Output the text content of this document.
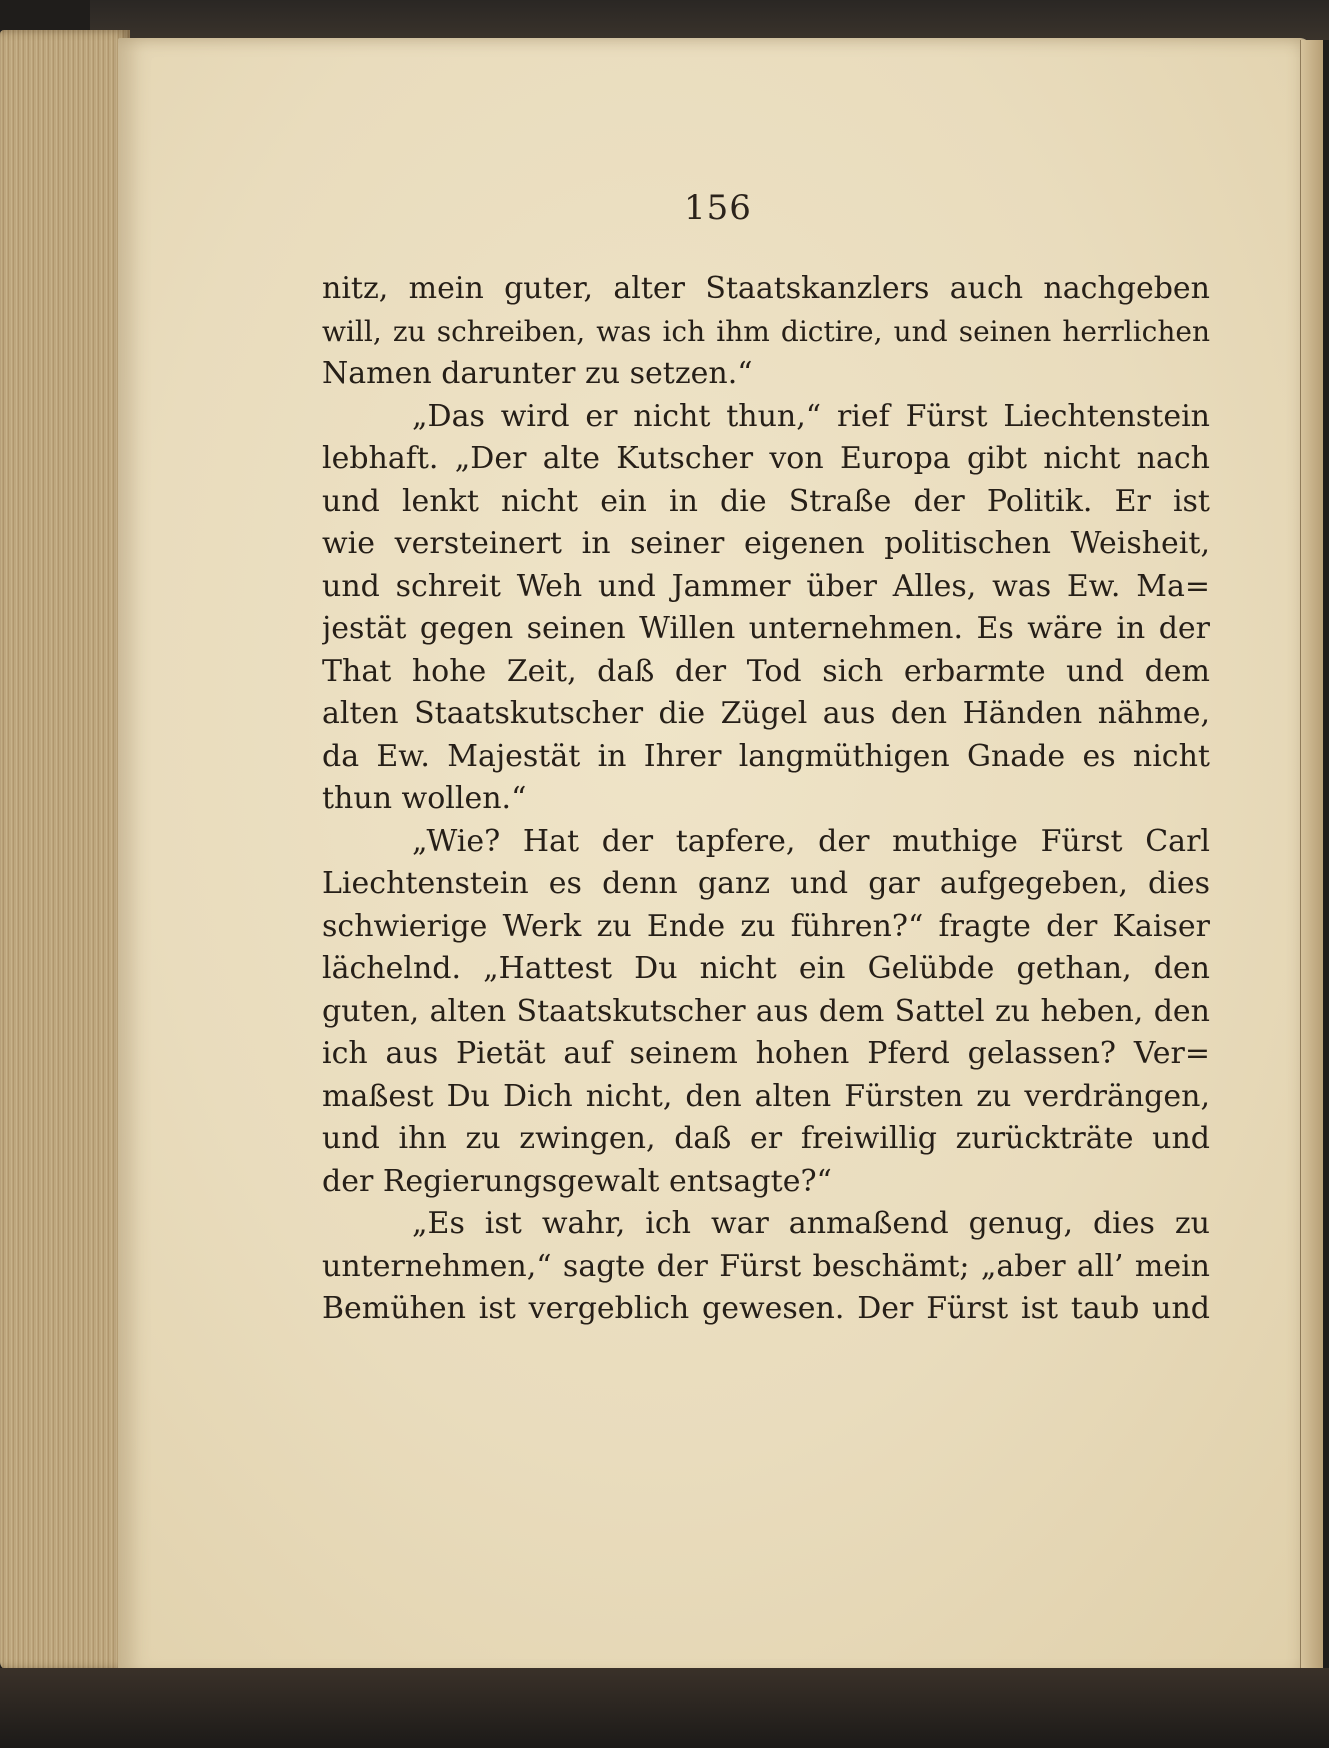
156
nitz, mein guter, alter Staatskanzlers auch nachgeben
will, zu schreiben, was ich ihm dictire, und seinen herrlichen
Namen darunter zu setzen.“
„Das wird er nicht thun,“ rief Fürst Liechtenstein
lebhaft. „Der alte Kutscher von Europa gibt nicht nach
und lenkt nicht ein in die Straße der Politik. Er ist
wie versteinert in seiner eigenen politischen Weisheit,
und schreit Weh und Jammer über Alles, was Ew. Ma=
jestät gegen seinen Willen unternehmen. Es wäre in der
That hohe Zeit, daß der Tod sich erbarmte und dem
alten Staatskutscher die Zügel aus den Händen nähme,
da Ew. Majestät in Ihrer langmüthigen Gnade es nicht
thun wollen.“
„Wie? Hat der tapfere, der muthige Fürst Carl
Liechtenstein es denn ganz und gar aufgegeben, dies
schwierige Werk zu Ende zu führen?“ fragte der Kaiser
lächelnd. „Hattest Du nicht ein Gelübde gethan, den
guten, alten Staatskutscher aus dem Sattel zu heben, den
ich aus Pietät auf seinem hohen Pferd gelassen? Ver=
maßest Du Dich nicht, den alten Fürsten zu verdrängen,
und ihn zu zwingen, daß er freiwillig zurückträte und
der Regierungsgewalt entsagte?“
„Es ist wahr, ich war anmaßend genug, dies zu
unternehmen,“ sagte der Fürst beschämt; „aber all’ mein
Bemühen ist vergeblich gewesen. Der Fürst ist taub und
